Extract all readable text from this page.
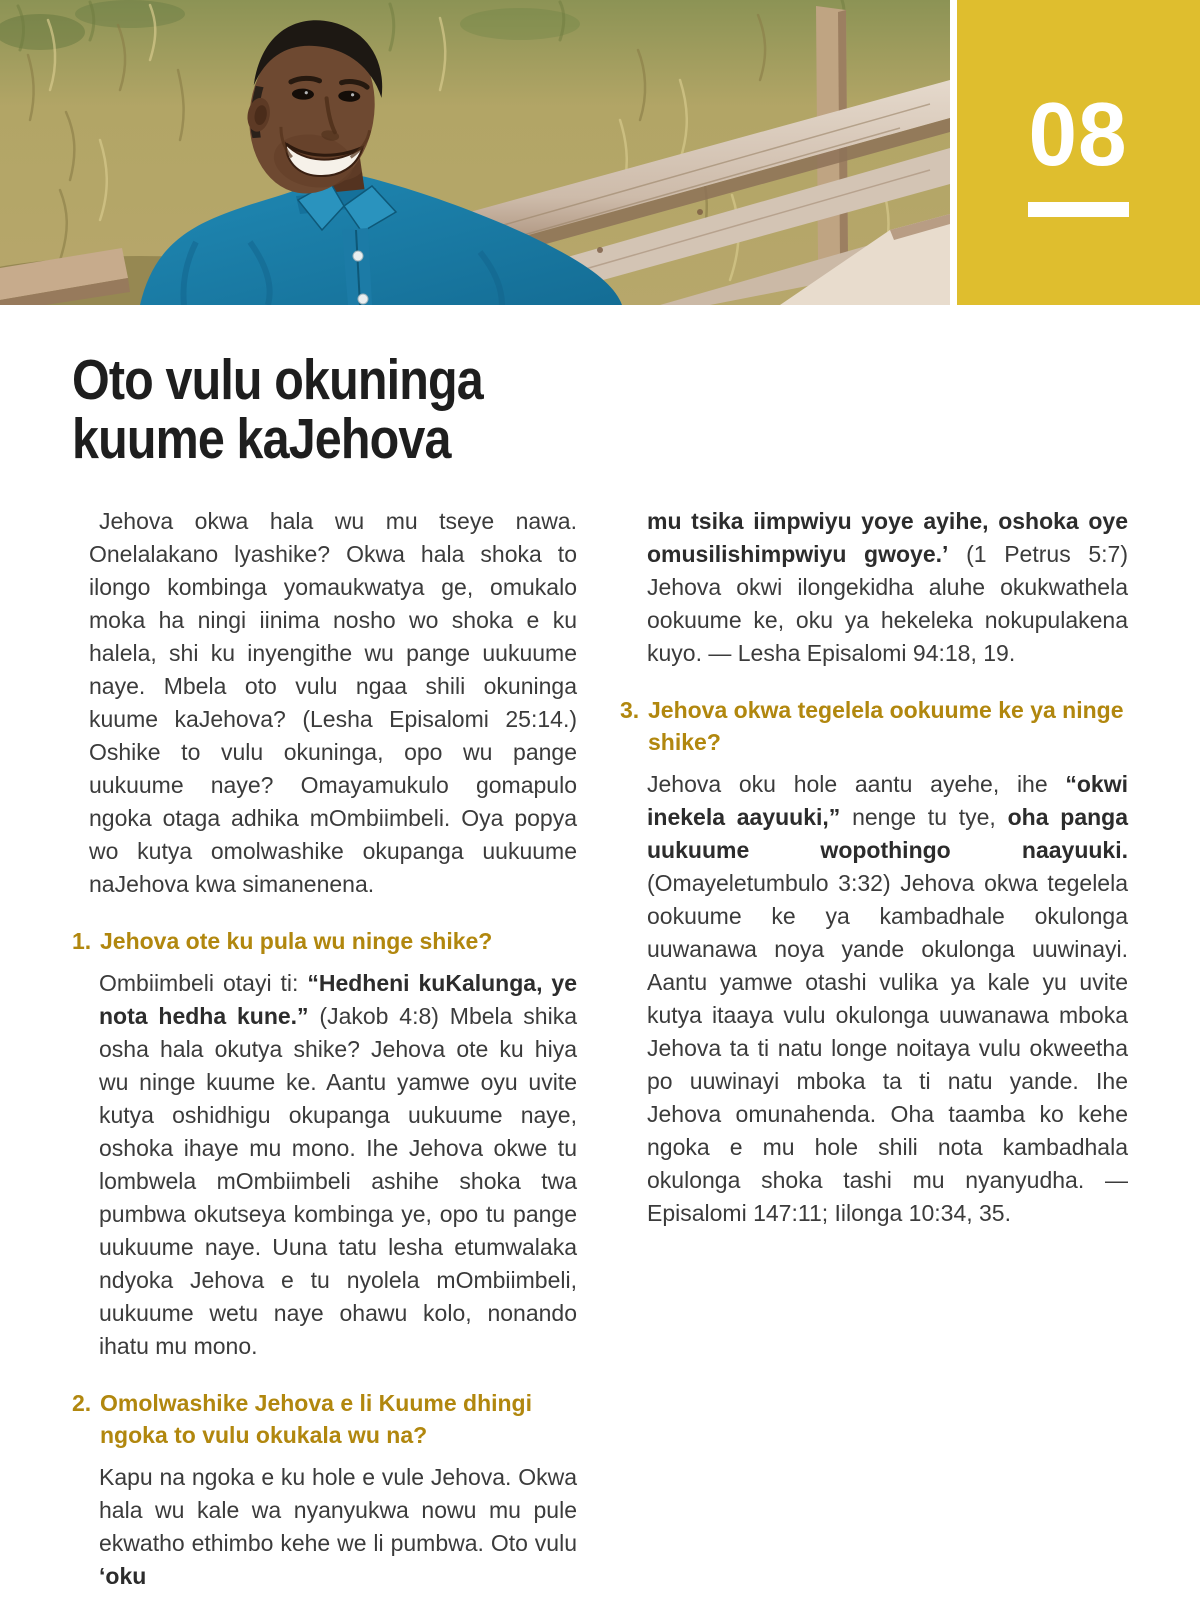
08
Oto vulu okuninga
kuume kaJehova

Jehova okwa hala wu mu tseye nawa. Onelalakano lyashike? Okwa hala shoka to ilongo kombinga yomaukwatya ge, omukalo moka ha ningi iinima nosho wo shoka e ku halela, shi ku inyengithe wu pange uukuume naye. Mbela oto vulu ngaa shili okuninga kuume kaJehova? (Lesha Episalomi 25:14.) Oshike to vulu okuninga, opo wu pange uukuume naye? Omayamukulo gomapulo ngoka otaga adhika mOmbiimbeli. Oya popya wo kutya omolwashike okupanga uukuume naJehova kwa simanenena.

1. Jehova ote ku pula wu ninge shike?

Ombiimbeli otayi ti: “Hedheni kuKalunga, ye nota hedha kune.” (Jakob 4:8) Mbela shika osha hala okutya shike? Jehova ote ku hiya wu ninge kuume ke. Aantu yamwe oyu uvite kutya oshidhigu okupanga uukuume naye, oshoka ihaye mu mono. Ihe Jehova okwe tu lombwela mOmbiimbeli ashihe shoka twa pumbwa okutseya kombinga ye, opo tu pange uukuume naye. Uuna tatu lesha etumwalaka ndyoka Jehova e tu nyolela mOmbiimbeli, uukuume wetu naye ohawu kolo, nonando ihatu mu mono.

2. Omolwashike Jehova e li Kuume dhingi ngoka to vulu okukala wu na?

Kapu na ngoka e ku hole e vule Jehova. Okwa hala wu kale wa nyanyukwa nowu mu pule ekwatho ethimbo kehe we li pumbwa. Oto vulu ‘oku

mu tsika iimpwiyu yoye ayihe, oshoka oye omusilishimpwiyu gwoye.’ (1 Petrus 5:7) Jehova okwi ilongekidha aluhe okukwathela ookuume ke, oku ya hekeleka nokupulakena kuyo. — Lesha Episalomi 94:18, 19.

3. Jehova okwa tegelela ookuume ke ya ninge shike?

Jehova oku hole aantu ayehe, ihe “okwi inekela aayuuki,” nenge tu tye, oha panga uukuume wopothingo naayuuki. (Omayeletumbulo 3:32) Jehova okwa tegelela ookuume ke ya kambadhale okulonga uuwanawa noya yande okulonga uuwinayi. Aantu yamwe otashi vulika ya kale yu uvite kutya itaaya vulu okulonga uuwanawa mboka Jehova ta ti natu longe noitaya vulu okweetha po uuwinayi mboka ta ti natu yande. Ihe Jehova omunahenda. Oha taamba ko kehe ngoka e mu hole shili nota kambadhala okulonga shoka tashi mu nyanyudha. — Episalomi 147:11; Iilonga 10:34, 35.
